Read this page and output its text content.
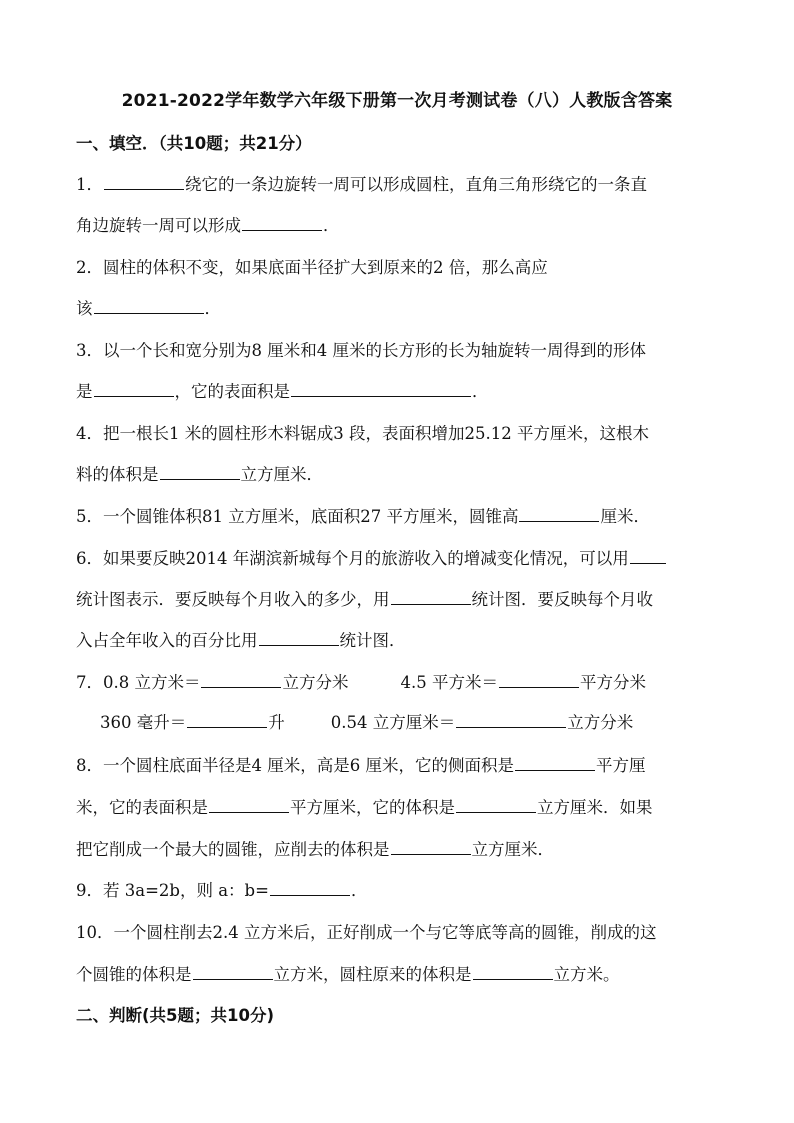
2021-2022学年数学六年级下册第一次月考测试卷（八）人教版含答案
一、填空．（共10题；共21分）
1．	绕它的一条边旋转一周可以形成圆柱，直角三角形绕它的一条直
角边旋转一周可以形成	．
2．圆柱的体积不变，如果底面半径扩大到原来的2 倍，那么高应
该	．
3．以一个长和宽分别为8 厘米和4 厘米的长方形的长为轴旋转一周得到的形体
是	，它的表面积是	．
4．把一根长1 米的圆柱形木料锯成3 段，表面积增加25.12 平方厘米，这根木
料的体积是	立方厘米．
5．一个圆锥体积81 立方厘米，底面积27 平方厘米，圆锥高	厘米．
6．如果要反映2014 年湖滨新城每个月的旅游收入的增减变化情况，可以用
统计图表示．要反映每个月收入的多少，用	统计图．要反映每个月收
入占全年收入的百分比用	统计图．
7．0.8 立方米＝	立方分米	4.5 平方米＝	平方分米
360 毫升＝	升	0.54 立方厘米＝	立方分米
8．一个圆柱底面半径是4 厘米，高是6 厘米，它的侧面积是	平方厘
米，它的表面积是	平方厘米，它的体积是	立方厘米．如果
把它削成一个最大的圆锥，应削去的体积是	立方厘米．
9．若 3a=2b，则 a：b=	．
10．一个圆柱削去2.4 立方米后，正好削成一个与它等底等高的圆锥，削成的这
个圆锥的体积是	立方米，圆柱原来的体积是	立方米。
二、判断(共5题；共10分)
